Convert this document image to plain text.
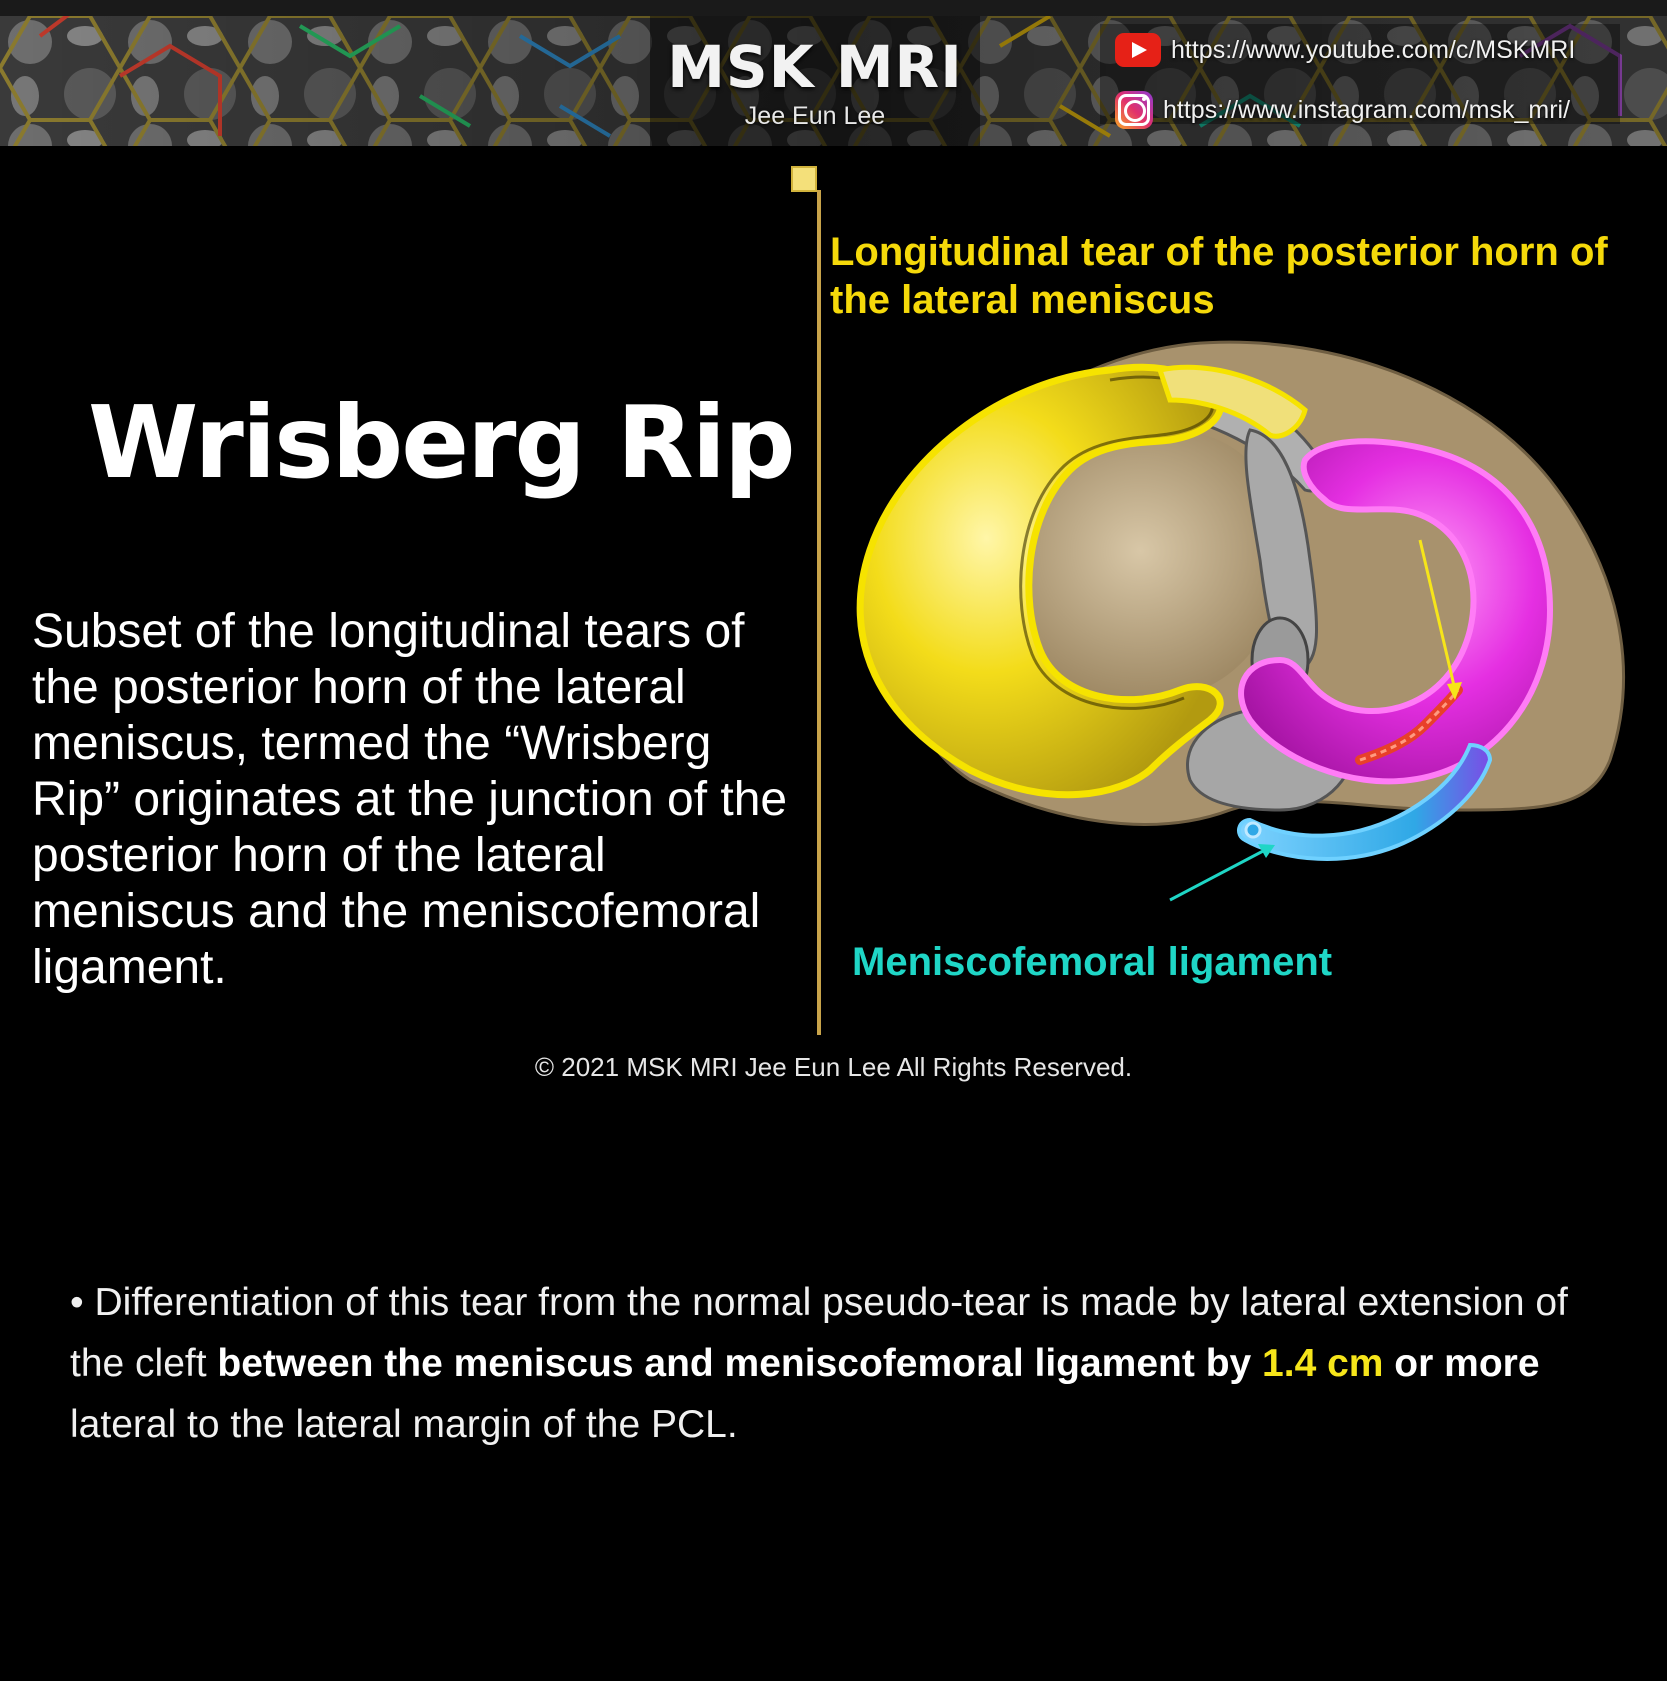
MSK MRI
Jee Eun Lee
https://www.youtube.com/c/MSKMRI
https://www.instagram.com/msk_mri/
Wrisberg Rip
Subset of the longitudinal tears of the posterior horn of the lateral meniscus, termed the “Wrisberg Rip” originates at the junction of the posterior horn of the lateral meniscus and the meniscofemoral ligament.
Longitudinal tear of the posterior horn of the lateral meniscus
Meniscofemoral ligament
© 2021 MSK MRI Jee Eun Lee All Rights Reserved.
• Differentiation of this tear from the normal pseudo-tear is made by lateral extension of the cleft between the meniscus and meniscofemoral ligament by 1.4 cm or more lateral to the lateral margin of the PCL.
